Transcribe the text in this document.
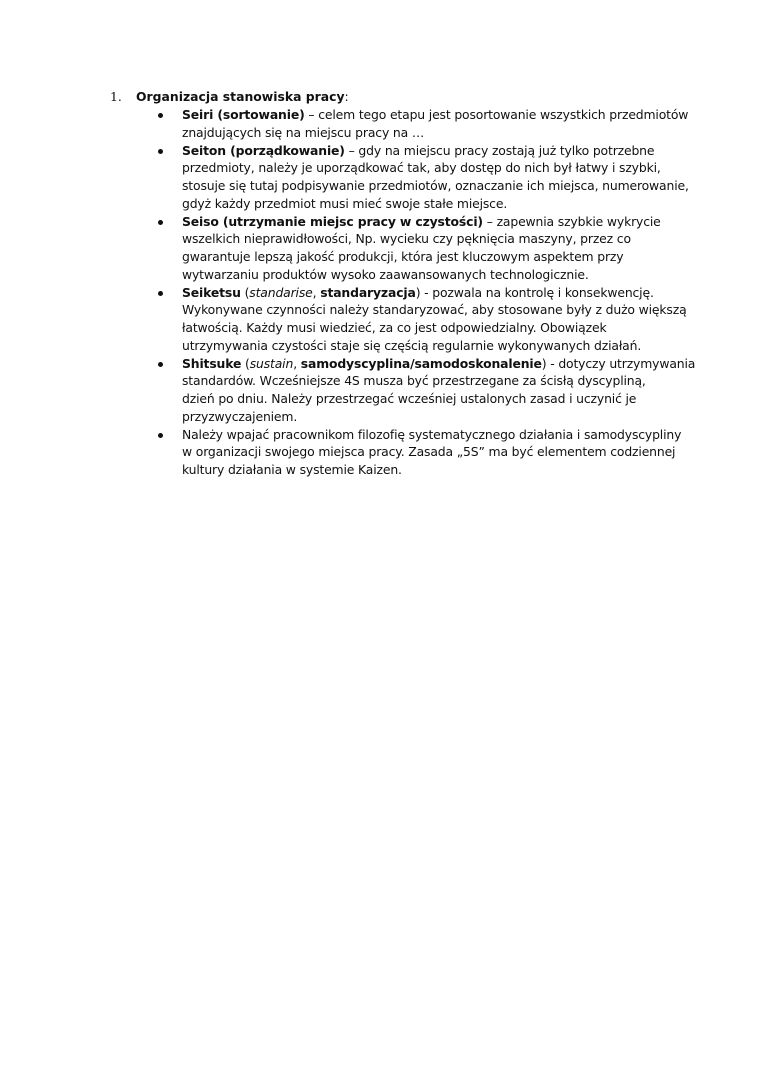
1. Organizacja stanowiska pracy:
Seiri (sortowanie) – celem tego etapu jest posortowanie wszystkich przedmiotów
znajdujących się na miejscu pracy na …
Seiton (porządkowanie) – gdy na miejscu pracy zostają już tylko potrzebne
przedmioty, należy je uporządkować tak, aby dostęp do nich był łatwy i szybki,
stosuje się tutaj podpisywanie przedmiotów, oznaczanie ich miejsca, numerowanie,
gdyż każdy przedmiot musi mieć swoje stałe miejsce.
Seiso (utrzymanie miejsc pracy w czystości) – zapewnia szybkie wykrycie
wszelkich nieprawidłowości, Np. wycieku czy pęknięcia maszyny, przez co
gwarantuje lepszą jakość produkcji, która jest kluczowym aspektem przy
wytwarzaniu produktów wysoko zaawansowanych technologicznie.
Seiketsu (standarise, standaryzacja) - pozwala na kontrolę i konsekwencję.
Wykonywane czynności należy standaryzować, aby stosowane były z dużo większą
łatwością. Każdy musi wiedzieć, za co jest odpowiedzialny. Obowiązek
utrzymywania czystości staje się częścią regularnie wykonywanych działań.
Shitsuke (sustain, samodyscyplina/samodoskonalenie) - dotyczy utrzymywania
standardów. Wcześniejsze 4S musza być przestrzegane za ścisłą dyscypliną,
dzień po dniu. Należy przestrzegać wcześniej ustalonych zasad i uczynić je
przyzwyczajeniem.
Należy wpajać pracownikom filozofię systematycznego działania i samodyscypliny
w organizacji swojego miejsca pracy. Zasada „5S” ma być elementem codziennej
kultury działania w systemie Kaizen.
